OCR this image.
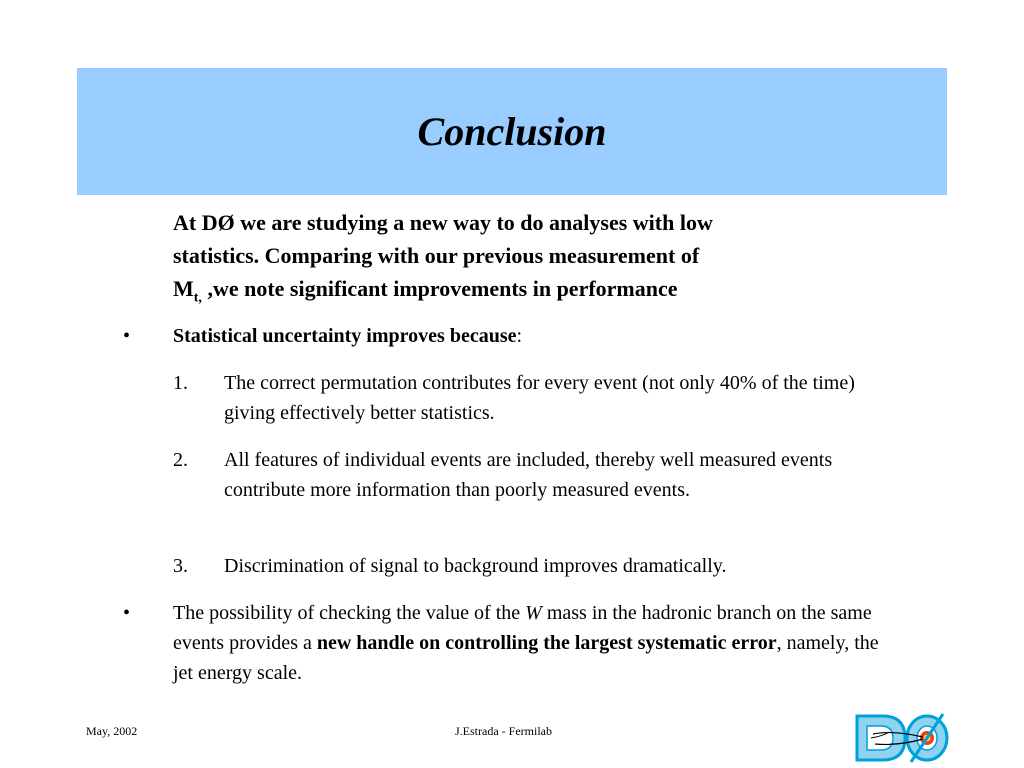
Conclusion
At DØ we are studying a new way to do analyses with low
statistics. Comparing with our previous measurement of
$M_{t,}$ ,we note significant improvements in performance
• Statistical uncertainty improves because:
1. The correct permutation contributes for every event (not only 40% of the time) giving effectively better statistics.
2. All features of individual events are included, thereby well measured events contribute more information than poorly measured events.
3. Discrimination of signal to background improves dramatically.
• The possibility of checking the value of the W mass in the hadronic branch on the same events provides a new handle on controlling the largest systematic error, namely, the jet energy scale.
May, 2002	J.Estrada - Fermilab
